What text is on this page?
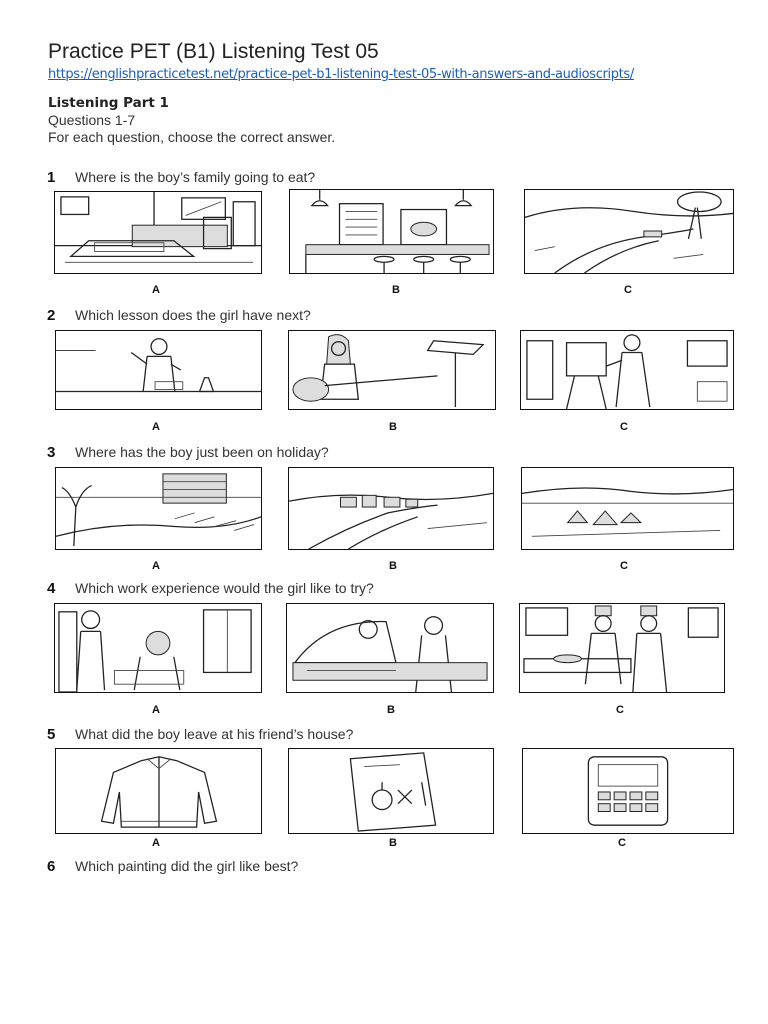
Practice PET (B1) Listening Test 05
https://englishpracticetest.net/practice-pet-b1-listening-test-05-with-answers-and-audioscripts/
Listening Part 1
Questions 1-7
For each question, choose the correct answer.
1 Where is the boy’s family going to eat?
A	B	C
2 Which lesson does the girl have next?
A	B	C
3 Where has the boy just been on holiday?
A	B	C
4 Which work experience would the girl like to try?
A	B	C
5 What did the boy leave at his friend’s house?
A	B	C
6 Which painting did the girl like best?
